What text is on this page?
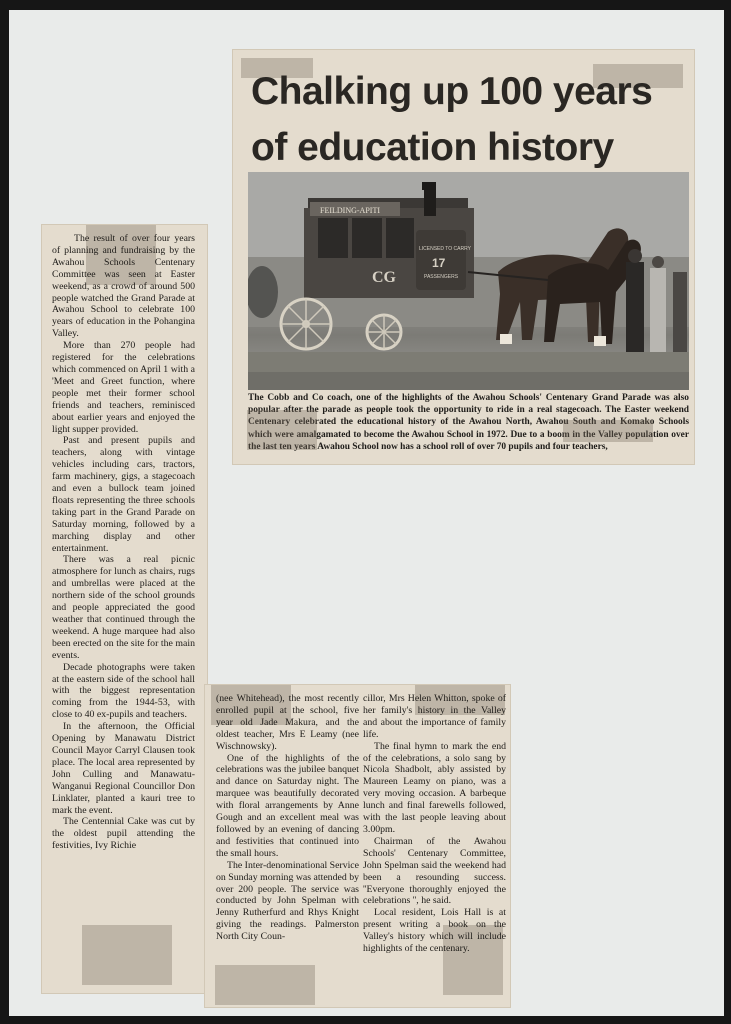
Chalking up 100 years of education history
FEILDING-APITI
LICENSED TO CARRY
17
PASSENGERS
CG

The Cobb and Co coach, one of the highlights of the Awahou Schools' Centenary Grand Parade was also popular after the parade as people took the opportunity to ride in a real stagecoach. The Easter weekend Centenary celebrated the educational history of the Awahou North, Awahou South and Komako Schools which were amalgamated to become the Awahou School in 1972. Due to a boom in the Valley population over the last ten years Awahou School now has a school roll of over 70 pupils and four teachers,

The result of over four years of planning and fundraising by the Awahou Schools Centenary Committee was seen at Easter weekend, as a crowd of around 500 people watched the Grand Parade at Awahou School to celebrate 100 years of education in the Pohangina Valley.

More than 270 people had registered for the celebrations which commenced on April 1 with a 'Meet and Greet function, where people met their former school friends and teachers, reminisced about earlier years and enjoyed the light supper provided.

Past and present pupils and teachers, along with vintage vehicles including cars, tractors, farm machinery, gigs, a stagecoach and even a bullock team joined floats representing the three schools taking part in the Grand Parade on Saturday morning, followed by a marching display and other entertainment.

There was a real picnic atmosphere for lunch as chairs, rugs and umbrellas were placed at the northern side of the school grounds and people appreciated the good weather that continued through the weekend. A huge marquee had also been erected on the site for the main events.

Decade photographs were taken at the eastern side of the school hall with the biggest representation coming from the 1944-53, with close to 40 ex-pupils and teachers.

In the afternoon, the Official Opening by Manawatu District Council Mayor Carryl Clausen took place. The local area represented by John Culling and Manawatu-Wanganui Regional Councillor Don Linklater, planted a kauri tree to mark the event.

The Centennial Cake was cut by the oldest pupil attending the festivities, Ivy Richie

(nee Whitehead), the most recently enrolled pupil at the school, five year old Jade Makura, and the oldest teacher, Mrs E Leamy (nee Wischnowsky).

One of the highlights of the celebrations was the jubilee banquet and dance on Saturday night. The marquee was beautifully decorated with floral arrangements by Anne Gough and an excellent meal was followed by an evening of dancing and festivities that continued into the small hours.

The Inter-denominational Service on Sunday morning was attended by over 200 people. The service was conducted by John Spelman with Jenny Rutherfurd and Rhys Knight giving the readings. Palmerston North City Coun-

cillor, Mrs Helen Whitton, spoke of her family's history in the Valley and about the importance of family life.

The final hymn to mark the end of the celebrations, a solo sang by Nicola Shadbolt, ably assisted by Maureen Leamy on piano, was a very moving occasion. A barbeque lunch and final farewells followed, with the last people leaving about 3.00pm.

Chairman of the Awahou Schools' Centenary Committee, John Spelman said the weekend had been a resounding success. ''Everyone thoroughly enjoyed the celebrations '', he said.

Local resident, Lois Hall is at present writing a book on the Valley's history which will include highlights of the centenary.
